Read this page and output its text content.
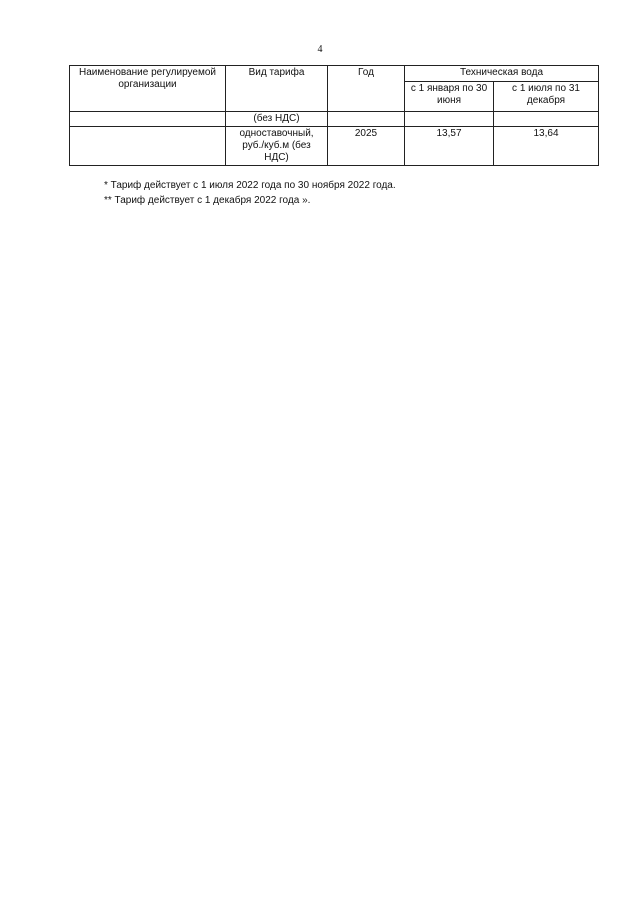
4
Наименование регулируемой организации	Вид тарифа	Год	Техническая вода	
			с 1 января по 30 июня	с 1 июля по 31 декабря
	(без НДС)			
	одноставочный, руб./куб.м (без НДС)	2025	13,57	13,64
* Тариф действует с 1 июля 2022 года по 30 ноября 2022 года.
** Тариф действует с 1 декабря 2022 года ».
